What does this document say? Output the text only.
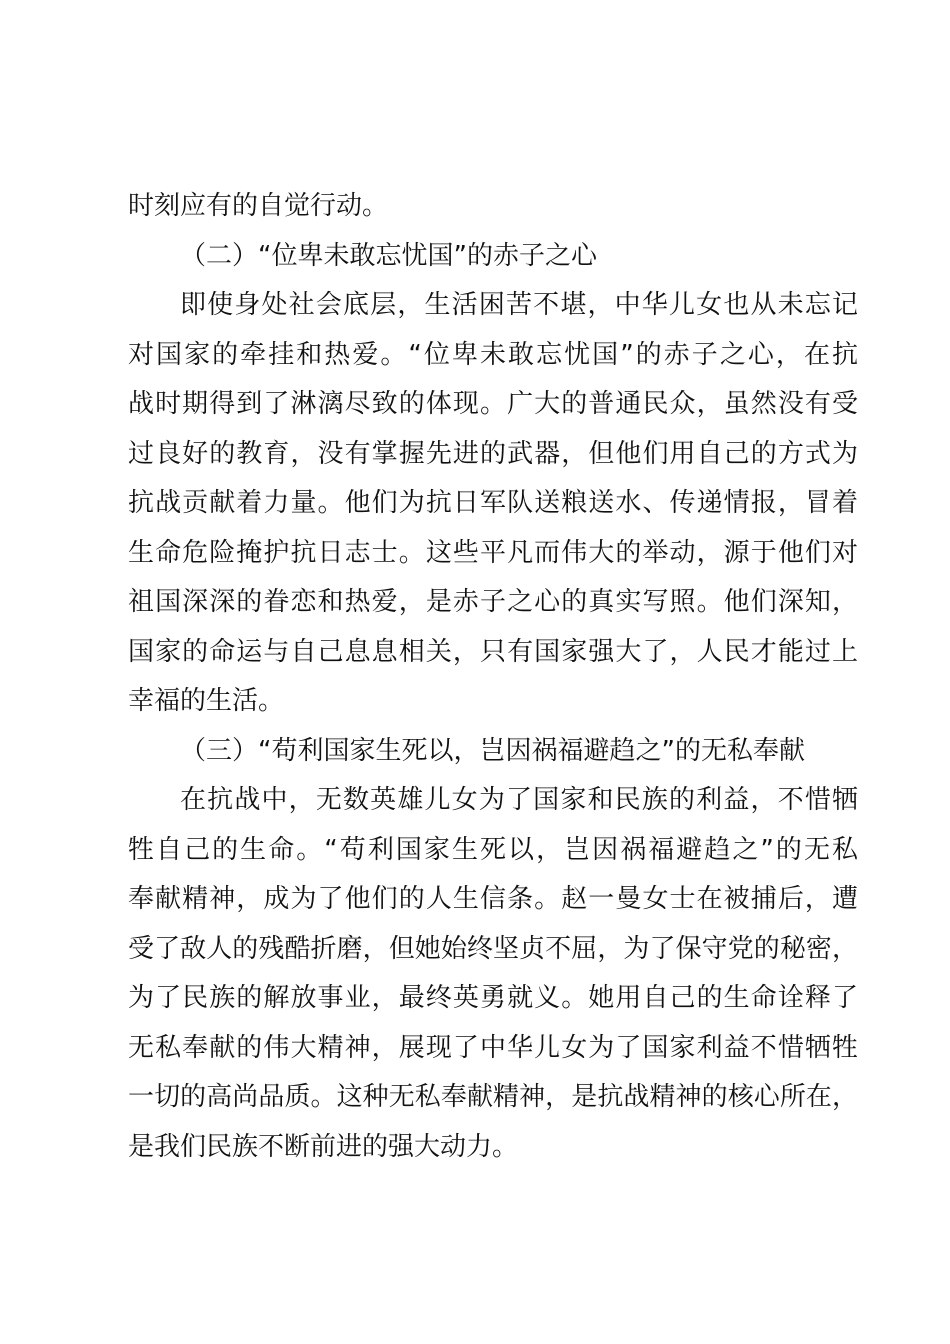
时刻应有的自觉行动。
（二）“位卑未敢忘忧国”的赤子之心
即使身处社会底层，生活困苦不堪，中华儿女也从未忘记
对国家的牵挂和热爱。“位卑未敢忘忧国”的赤子之心，在抗
战时期得到了淋漓尽致的体现。广大的普通民众，虽然没有受
过良好的教育，没有掌握先进的武器，但他们用自己的方式为
抗战贡献着力量。他们为抗日军队送粮送水、传递情报，冒着
生命危险掩护抗日志士。这些平凡而伟大的举动，源于他们对
祖国深深的眷恋和热爱，是赤子之心的真实写照。他们深知，
国家的命运与自己息息相关，只有国家强大了，人民才能过上
幸福的生活。
（三）“苟利国家生死以，岂因祸福避趋之”的无私奉献
在抗战中，无数英雄儿女为了国家和民族的利益，不惜牺
牲自己的生命。“苟利国家生死以，岂因祸福避趋之”的无私
奉献精神，成为了他们的人生信条。赵一曼女士在被捕后，遭
受了敌人的残酷折磨，但她始终坚贞不屈，为了保守党的秘密，
为了民族的解放事业，最终英勇就义。她用自己的生命诠释了
无私奉献的伟大精神，展现了中华儿女为了国家利益不惜牺牲
一切的高尚品质。这种无私奉献精神，是抗战精神的核心所在，
是我们民族不断前进的强大动力。
